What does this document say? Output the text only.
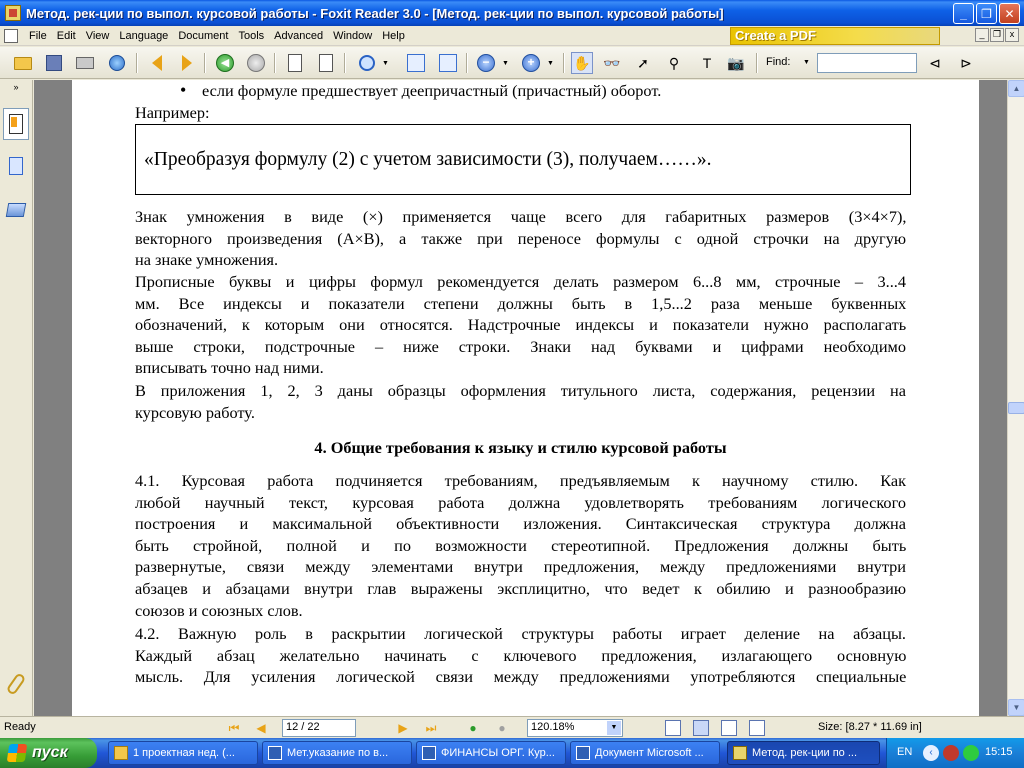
Метод. рек-ции по выпол. курсовой работы - Foxit Reader 3.0 - [Метод. рек-ции по выпол. курсовой работы]	_	❐	✕
File Edit View Language Document Tools Advanced Window Help	Create a PDF	_ ❐ x
◀	▼	−	▼	+	▼ ✋ 👓	➚	⚲	T	📷	⊲	⊳
Find: ▼
»
•	если формуле предшествует деепричастный (причастный) оборот.
Например:
«Преобразуя формулу (2) с учетом зависимости (3), получаем……».
Знак умножения в виде (×) применяется чаще всего для габаритных размеров (3×4×7),
векторного произведения (A×B), а также при переносе формулы с одной строчки на другую
на знаке умножения.
Прописные буквы и цифры формул рекомендуется делать размером 6...8 мм, строчные – 3...4
мм. Все индексы и показатели степени должны быть в 1,5...2 раза меньше буквенных
обозначений, к которым они относятся. Надстрочные индексы и показатели нужно располагать
выше строки, подстрочные – ниже строки. Знаки над буквами и цифрами необходимо
вписывать точно над ними.
В приложения 1, 2, 3 даны образцы оформления титульного листа, содержания, рецензии на
курсовую работу.
4. Общие требования к языку и стилю курсовой работы
4.1. Курсовая работа подчиняется требованиям, предъявляемым к научному стилю. Как
любой научный текст, курсовая работа должна удовлетворять требованиям логического
построения и максимальной объективности изложения. Синтаксическая структура должна
быть стройной, полной и по возможности стереотипной. Предложения должны быть
развернутые, связи между элементами внутри предложения, между предложениями внутри
абзацев и абзацами внутри глав выражены эксплицитно, что ведет к обилию и разнообразию
союзов и союзных слов.
4.2. Важную роль в раскрытии логической структуры работы играет деление на абзацы.
Каждый абзац желательно начинать с ключевого предложения, излагающего основную
мысль. Для усиления логической связи между предложениями употребляются специальные
▲
▼
Ready	⏮ ◀	12 / 22	▶ ⏭	●	●	120.18%	▼	Size: [8.27 * 11.69 in]
пуск	1 проектная нед. (...	Мет.указание по в...	ФИНАНСЫ ОРГ. Кур...	Документ Microsoft ...	Метод. рек-ции по ...	EN	‹	15:15
